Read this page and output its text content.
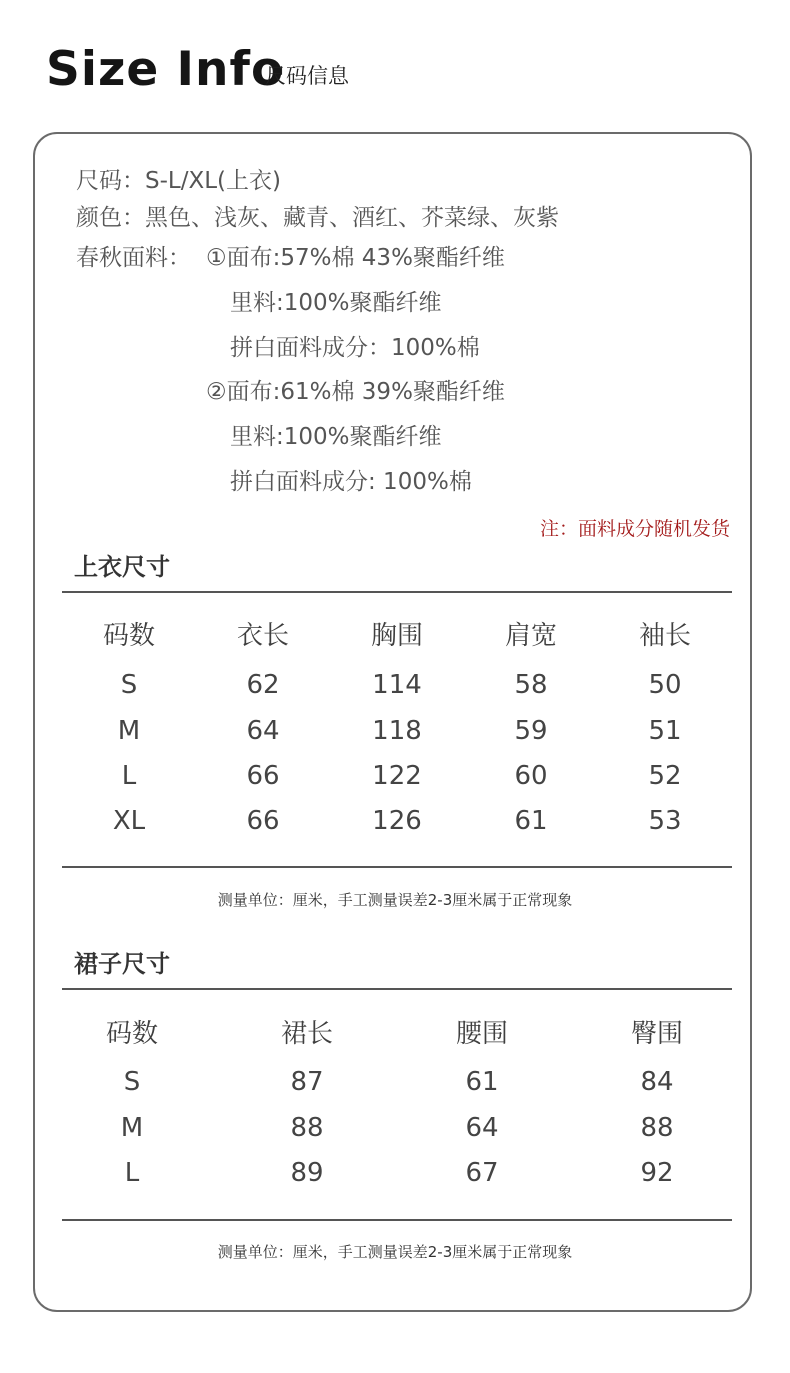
Size Info
尺码信息
尺码：S-L/XL(上衣)
颜色：黑色、浅灰、藏青、酒红、芥菜绿、灰紫
春秋面料： ①面布:57%棉 43%聚酯纤维
里料:100%聚酯纤维
拼白面料成分：100%棉
②面布:61%棉 39%聚酯纤维
里料:100%聚酯纤维
拼白面料成分: 100%棉
注：面料成分随机发货
上衣尺寸
码数	衣长	胸围	肩宽	袖长
S	62	114	58	50
M	64	118	59	51
L	66	122	60	52
XL	66	126	61	53
测量单位：厘米，手工测量误差2-3厘米属于正常现象
裙子尺寸
码数	裙长	腰围	臀围
S	87	61	84
M	88	64	88
L	89	67	92
测量单位：厘米，手工测量误差2-3厘米属于正常现象
